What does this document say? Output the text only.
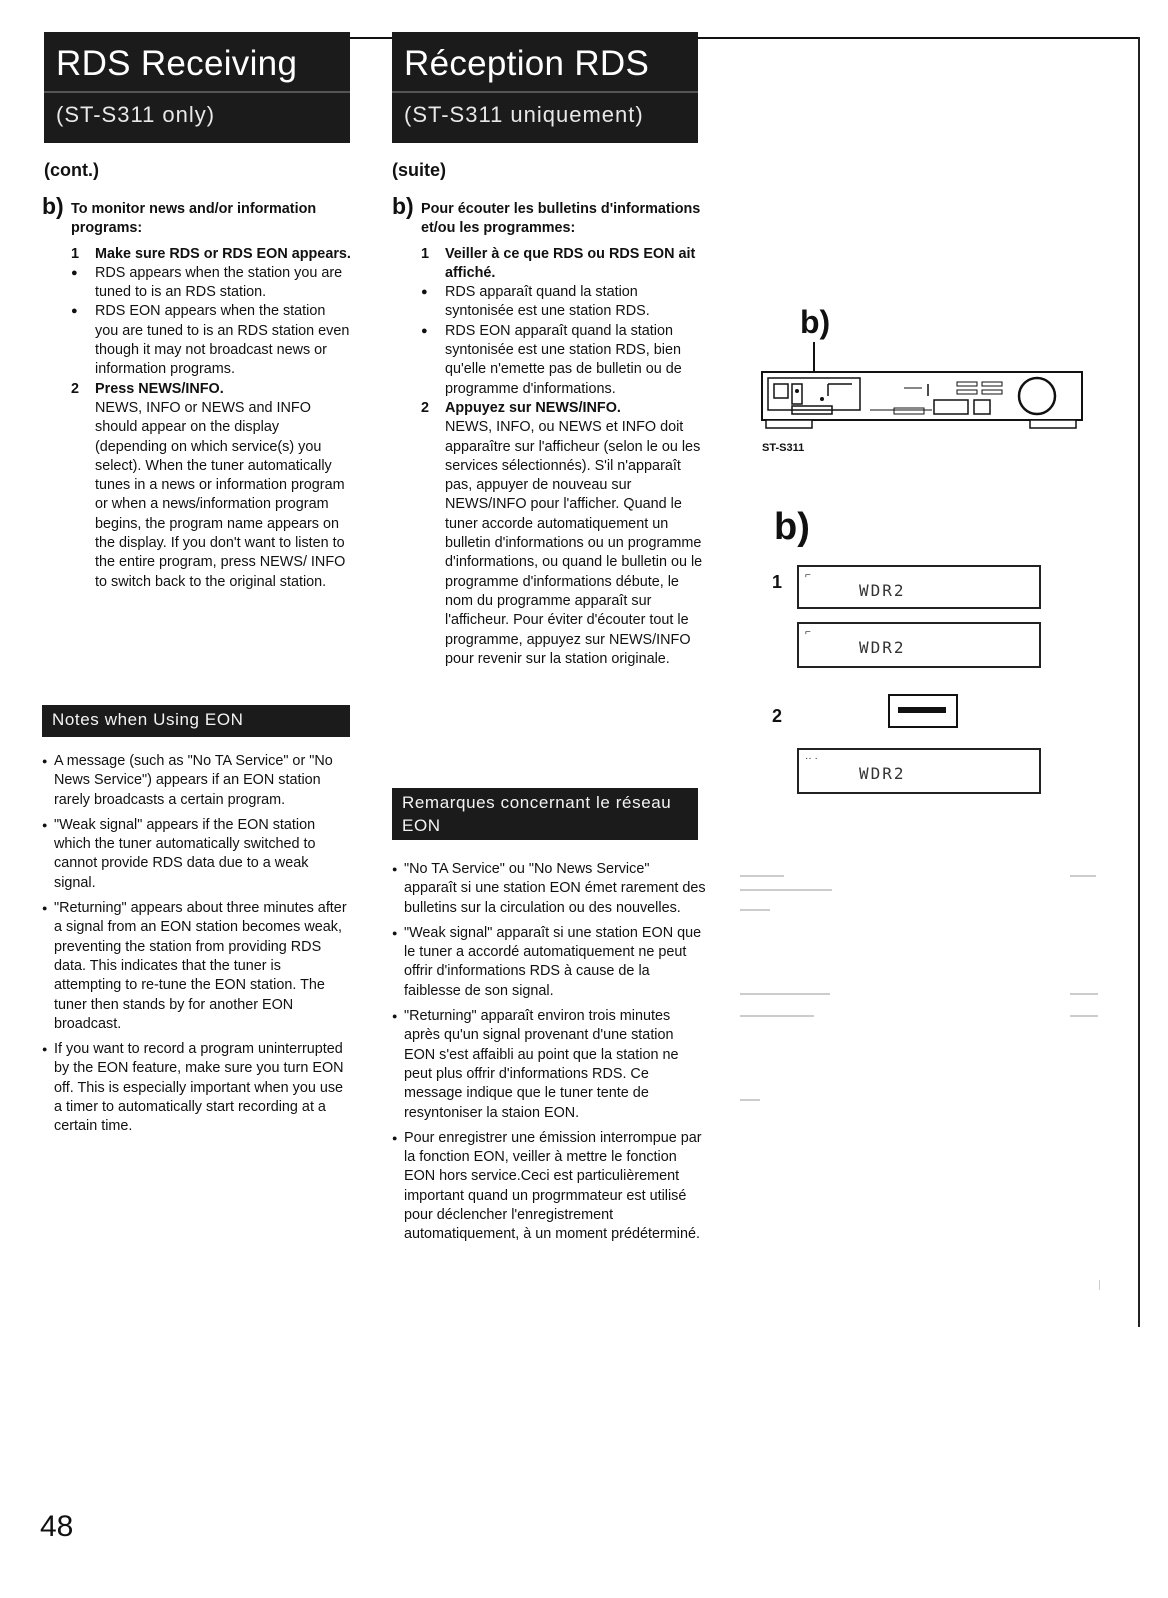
RDS Receiving
(ST-S311 only)
Réception RDS
(ST-S311 uniquement)
(cont.)	(suite)
b) To monitor news and/or information programs:
1 Make sure RDS or RDS EON appears.
● RDS appears when the station you are tuned to is an RDS station.
● RDS EON appears when the station you are tuned to is an RDS station even though it may not broadcast news or information programs.
2 Press NEWS/INFO.
NEWS, INFO or NEWS and INFO should appear on the display (depending on which service(s) you select). When the tuner automatically tunes in a news or information program or when a news/information program begins, the program name appears on the display. If you don't want to listen to the entire program, press NEWS/ INFO to switch back to the original station.
Notes when Using EON
● A message (such as "No TA Service" or "No News Service") appears if an EON station rarely broadcasts a certain program.
● "Weak signal" appears if the EON station which the tuner automatically switched to cannot provide RDS data due to a weak signal.
● "Returning" appears about three minutes after a signal from an EON station becomes weak, preventing the station from providing RDS data. This indicates that the tuner is attempting to re-tune the EON station. The tuner then stands by for another EON broadcast.
● If you want to record a program uninterrupted by the EON feature, make sure you turn EON off. This is especially important when you use a timer to automatically start recording at a certain time.
b) Pour écouter les bulletins d'informations et/ou les programmes:
1 Veiller à ce que RDS ou RDS EON ait affiché.
● RDS apparaît quand la station syntonisée est une station RDS.
● RDS EON apparaît quand la station syntonisée est une station RDS, bien qu'elle n'emette pas de bulletin ou de programme d'informations.
2 Appuyez sur NEWS/INFO.
NEWS, INFO, ou NEWS et INFO doit apparaître sur l'afficheur (selon le ou les services sélectionnés). S'il n'apparaît pas, appuyer de nouveau sur NEWS/INFO pour l'afficher. Quand le tuner accorde automatiquement un bulletin d'informations ou un programme d'informations, ou quand le bulletin ou le programme d'informations débute, le nom du programme apparaît sur l'afficheur. Pour éviter d'écouter tout le programme, appuyez sur NEWS/INFO pour revenir sur la station originale.
Remarques concernant le réseau EON
● "No TA Service" ou "No News Service" apparaît si une station EON émet rarement des bulletins sur la circulation ou des nouvelles.
● "Weak signal" apparaît si une station EON que le tuner a accordé automatiquement ne peut offrir d'informations RDS à cause de la faiblesse de son signal.
● "Returning" apparaît environ trois minutes après qu'un signal provenant d'une station EON s'est affaibli au point que la station ne peut plus offrir d'informations RDS. Ce message indique que le tuner tente de resyntoniser la staion EON.
● Pour enregistrer une émission interrompue par la fonction EON, veiller à mettre le fonction EON hors service.Ceci est particulièrement important quand un progrmmateur est utilisé pour déclencher l'enregistrement automatiquement, à un moment prédéterminé.
b)
ST-S311
b)
1 ⌐
WDR2
⌐
WDR2
2
·· ·
WDR2
48
